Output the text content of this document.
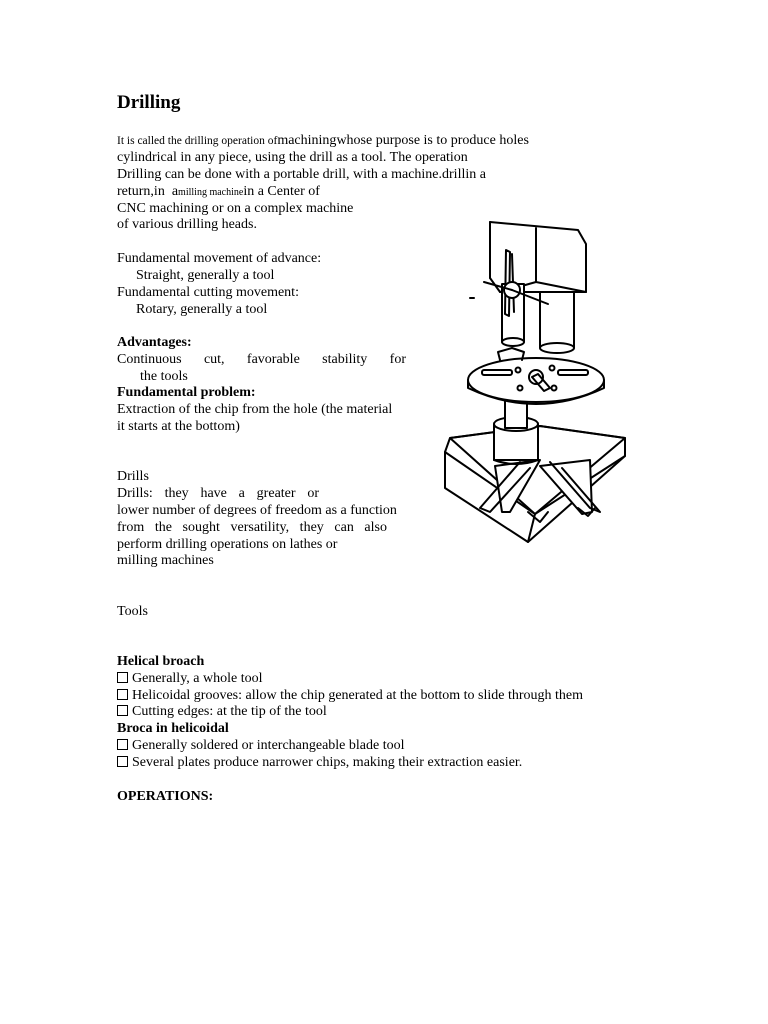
Drilling

It is called the drilling operation ofmachiningwhose purpose is to produce holes

cylindrical in any piece, using the drill as a tool. The operation

Drilling can be done with a portable drill, with a machine.drillin a

return,in amilling machinein a Center of

CNC machining or on a complex machine

of various drilling heads.

Fundamental movement of advance:

Straight, generally a tool

Fundamental cutting movement:

Rotary, generally a tool

Advantages:

Continuous cut, favorable stability for

the tools

Fundamental problem:

Extraction of the chip from the hole (the material

it starts at the bottom)

Drills

Drills: they have a greater or

lower number of degrees of freedom as a function

from the sought versatility, they can also

perform drilling operations on lathes or

milling machines

Tools

Helical broach

Generally, a whole tool

Helicoidal grooves: allow the chip generated at the bottom to slide through them

Cutting edges: at the tip of the tool

Broca in helicoidal

Generally soldered or interchangeable blade tool

Several plates produce narrower chips, making their extraction easier.

OPERATIONS:
